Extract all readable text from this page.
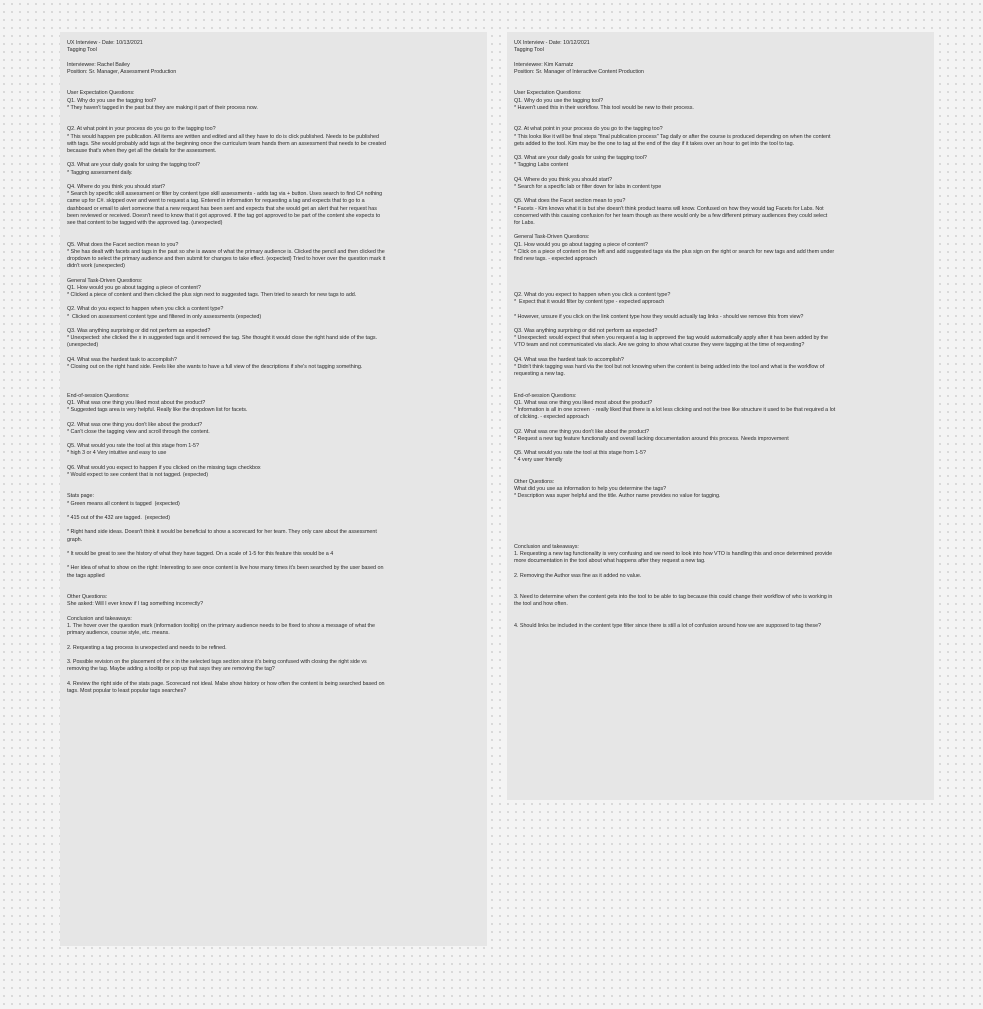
UX Interview - Date: 10/13/2021
Tagging Tool
Interviewee: Rachel Bailey
Position: Sr. Manager, Assessment Production
User Expectation Questions:
Q1. Why do you use the tagging tool?
* They haven't tagged in the past but they are making it part of their process now.
Q2. At what point in your process do you go to the tagging too?
* This would happen pre publication. All items are written and edited and all they have to do is click published. Needs to be published
with tags. She would probably add tags at the beginning once the curriculum team hands them an assessment that needs to be created
because that's when they get all the details for the assessment.
Q3. What are your daily goals for using the tagging tool?
* Tagging assessment daily.
Q4. Where do you think you should start?
* Search by specific skill assessment or filter by content type skill assessments - adds tag via + button. Uses search to find C# nothing
came up for C#. skipped over and went to request a tag. Entered in information for requesting a tag and expects that to go to a
dashboard or email to alert someone that a new request has been sent and expects that she would get an alert that her request has
been reviewed or received. Doesn't need to know that it got approved. If the tag got approved to be part of the content she expects to
see that content to be tagged with the approved tag. (unexpected)
Q5. What does the Facet section mean to you?
* She has dealt with facets and tags in the past so she is aware of what the primary audience is. Clicked the pencil and then clicked the
dropdown to select the primary audience and then submit for changes to take effect. (expected) Tried to hover over the question mark it
didn't work (unexpected)
General Task-Driven Questions:
Q1. How would you go about tagging a piece of content?
* Clicked a piece of content and then clicked the plus sign next to suggested tags. Then tried to search for new tags to add.
Q2. What do you expect to happen when you click a content type?
*  Clicked on assessment content type and filtered in only assessments (expected)
Q3. Was anything surprising or did not perform as expected?
* Unexpected: she clicked the x in suggested tags and it removed the tag. She thought it would close the right hand side of the tags.
(unexpected)
Q4. What was the hardest task to accomplish?
* Closing out on the right hand side. Feels like she wants to have a full view of the descriptions if she's not tagging something.
End-of-session Questions:
Q1. What was one thing you liked most about the product?
* Suggested tags area is very helpful. Really like the dropdown list for facets.
Q2. What was one thing you don't like about the product?
* Can't close the tagging view and scroll through the content.
Q5. What would you rate the tool at this stage from 1-5?
* high 3 or 4 Very intuitive and easy to use
Q6. What would you expect to happen if you clicked on the missing tags checkbox
* Would expect to see content that is not tagged. (expected)
Stats page:
* Green means all content is tagged  (expected)
* 415 out of the 432 are tagged.  (expected)
* Right hand side ideas. Doesn't think it would be beneficial to show a scorecard for her team. They only care about the assessment
graph.
* It would be great to see the history of what they have tagged. On a scale of 1-5 for this feature this would be a 4
* Her idea of what to show on the right: Interesting to see once content is live how many times it's been searched by the user based on
the tags applied
Other Questions:
She asked: Will I ever know if I tag something incorrectly?
Conclusion and takeaways:
1. The hover over the question mark (information tooltip) on the primary audience needs to be fixed to show a message of what the
primary audience, course style, etc. means.
2. Requesting a tag process is unexpected and needs to be refined.
3. Possible revision on the placement of the x in the selected tags section since it's being confused with closing the right side vs
removing the tag. Maybe adding a tooltip or pop up that says they are removing the tag?
4. Review the right side of the stats page. Scorecard not ideal. Mabe show history or how often the content is being searched based on
tags. Most popular to least popular tags searches?
UX Interview - Date: 10/12/2021
Tagging Tool
Interviewee: Kim Karnatz
Position: Sr. Manager of Interactive Content Production
User Expectation Questions:
Q1. Why do you use the tagging tool?
* Haven't used this in their workflow. This tool would be new to their process.
Q2. At what point in your process do you go to the tagging too?
* This looks like it will be final steps "final publication process" Tag daily or after the course is produced depending on when the content
gets added to the tool. Kim may be the one to tag at the end of the day if it takes over an hour to get into the tool to tag.
Q3. What are your daily goals for using the tagging tool?
* Tagging Labs content
Q4. Where do you think you should start?
* Search for a specific lab or filter down for labs in content type
Q5. What does the Facet section mean to you?
* Facets - Kim knows what it is but she doesn't think product teams will know. Confused on how they would tag Facets for Labs. Not
concerned with this causing confusion for her team though as there would only be a few different primary audiences they could select
for Labs.
General Task-Driven Questions:
Q1. How would you go about tagging a piece of content?
* Click on a piece of content on the left and add suggested tags via the plus sign on the right or search for new tags and add them under
find new tags. - expected approach
Q2. What do you expect to happen when you click a content type?
*  Expect that it would filter by content type - expected approach
* However, unsure if you click on the link content type how they would actually tag links - should we remove this from view?
Q3. Was anything surprising or did not perform as expected?
* Unexpected: would expect that when you request a tag is approved the tag would automatically apply after it has been added by the
VTO team and not communicated via slack. Are we going to show what course they were tagging at the time of requesting?
Q4. What was the hardest task to accomplish?
* Didn't think tagging was hard via the tool but not knowing when the content is being added into the tool and what is the workflow of
requesting a new tag.
End-of-session Questions:
Q1. What was one thing you liked most about the product?
* Information is all in one screen  - really liked that there is a lot less clicking and not the tree like structure it used to be that required a lot
of clicking. - expected approach
Q2. What was one thing you don't like about the product?
* Request a new tag feature functionally and overall lacking documentation around this process. Needs improvement
Q5. What would you rate the tool at this stage from 1-5?
* 4 very user friendly
Other Questions:
What did you use as information to help you determine the tags?
* Description was super helpful and the title. Author name provides no value for tagging.
Conclusion and takeaways:
1. Requesting a new tag functionality is very confusing and we need to look into how VTO is handling this and once determined provide
more documentation in the tool about what happens after they request a new tag.
2. Removing the Author was fine as it added no value.
3. Need to determine when the content gets into the tool to be able to tag because this could change their workflow of who is working in
the tool and how often.
4. Should links be included in the content type filter since there is still a lot of confusion around how we are supposed to tag these?
